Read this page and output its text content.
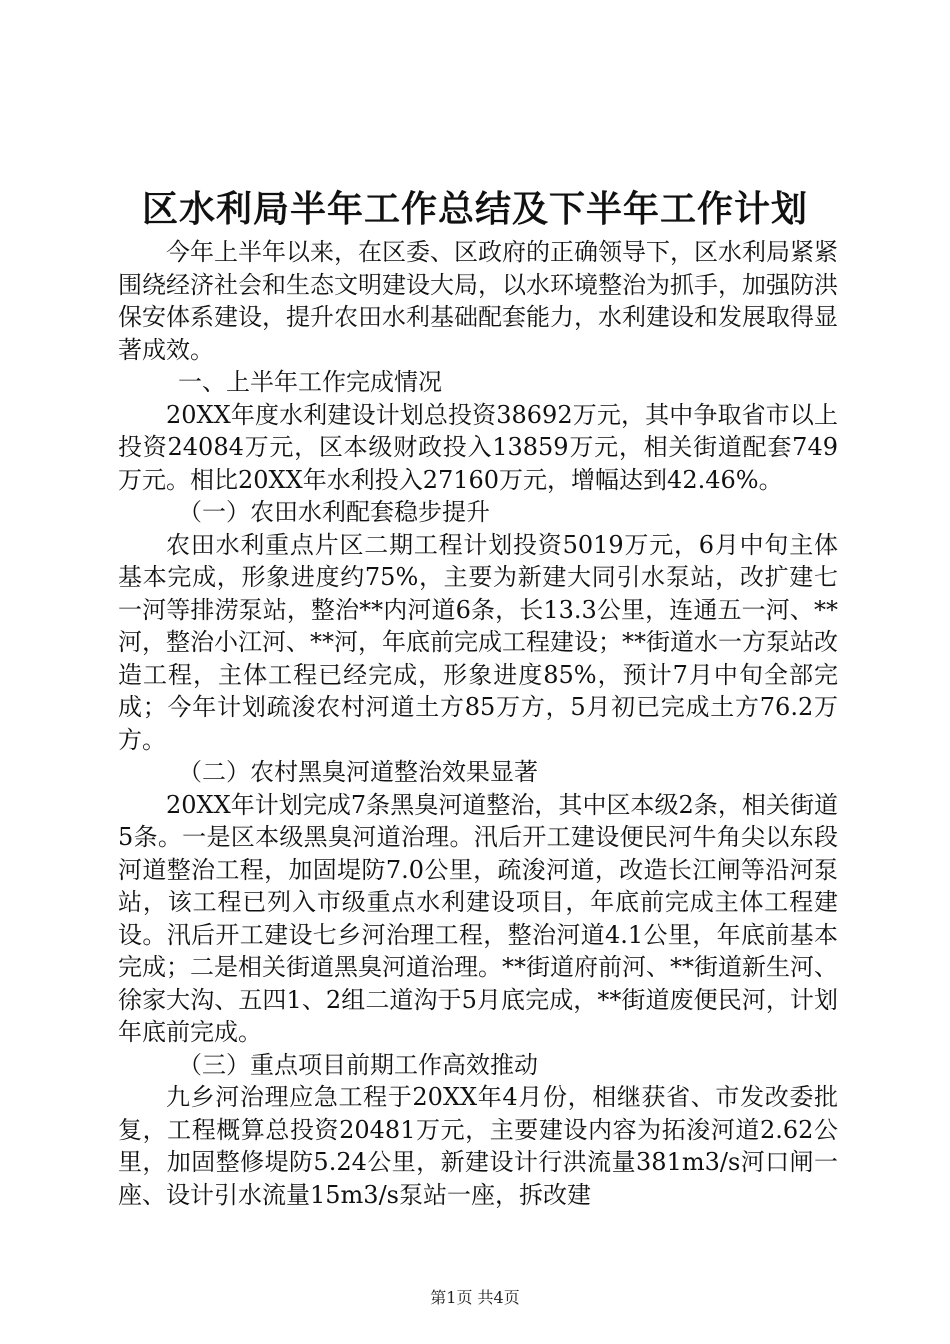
区水利局半年工作总结及下半年工作计划

今年上半年以来，在区委、区政府的正确领导下，区水利局紧紧围绕经济社会和生态文明建设大局，以水环境整治为抓手，加强防洪保安体系建设，提升农田水利基础配套能力，水利建设和发展取得显著成效。

一、上半年工作完成情况

20XX年度水利建设计划总投资38692万元，其中争取省市以上投资24084万元，区本级财政投入13859万元，相关街道配套749万元。相比20XX年水利投入27160万元，增幅达到42.46%。

（一）农田水利配套稳步提升

农田水利重点片区二期工程计划投资5019万元，6月中旬主体基本完成，形象进度约75%，主要为新建大同引水泵站，改扩建七一河等排涝泵站，整治**内河道6条，长13.3公里，连通五一河、**河，整治小江河、**河，年底前完成工程建设；**街道水一方泵站改造工程，主体工程已经完成，形象进度85%，预计7月中旬全部完成；今年计划疏浚农村河道土方85万方，5月初已完成土方76.2万方。

（二）农村黑臭河道整治效果显著

20XX年计划完成7条黑臭河道整治，其中区本级2条，相关街道5条。一是区本级黑臭河道治理。汛后开工建设便民河牛角尖以东段河道整治工程，加固堤防7.0公里，疏浚河道，改造长江闸等沿河泵站，该工程已列入市级重点水利建设项目，年底前完成主体工程建设。汛后开工建设七乡河治理工程，整治河道4.1公里，年底前基本完成；二是相关街道黑臭河道治理。**街道府前河、**街道新生河、徐家大沟、五四1、2组二道沟于5月底完成，**街道废便民河，计划年底前完成。

（三）重点项目前期工作高效推动

九乡河治理应急工程于20XX年4月份，相继获省、市发改委批复，工程概算总投资20481万元，主要建设内容为拓浚河道2.62公里，加固整修堤防5.24公里，新建设计行洪流量381m3/s河口闸一座、设计引水流量15m3/s泵站一座，拆改建

第1页 共4页
